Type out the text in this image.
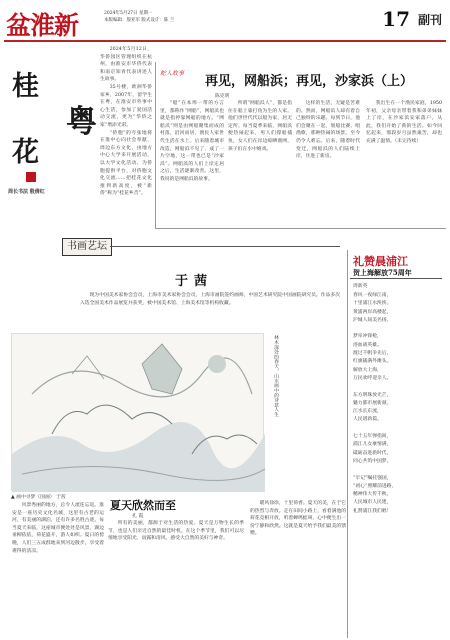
盆淮新	2024年5月27日 星期一
本版编辑：殷亚军 版式设计：陈 兰	17 副刊
桂
花
粤
周长书法 殷倩红

2024年5月12日，华侨园区管理组织在杭州，由淮安市华侨代表和南京知青代表讲述人生故事。

35号楼，欧洲华侨家乡，2007年，留学生在粤，在淮安市外事中心生活，参加了爱国活动交流，更为“华侨之家”增添光彩。

“侨胞”的夸张地将在淮中心向社会奉献、周边东方文化，由地方中心大学来开展活动，以大学文化活动、为侨胞提供平台，对侨胞文化交流……把桂花文化推到新高度，被“新侨”称为“桂花乡音”。

书画艺坛
蛇人故事
再见，网船浜；再见，沙家浜（上）
陈克明

“船”在本埠一带的方言里，都称作“网船”，网船浜也就是指停靠网船的地方。“网船浜”则是由网船聚集而成的村落，沿河而居，渔民人家世代生活在水上。后来随着城市改造，网船浜不见了，成了一片空地，这一带也已是“沙家浜”。网船浜的人们上岸定居之后，生活逐渐改善。这里，我说的是网船浜的故事。

所谓“网船浜人”，都是指住在船上靠打鱼为生的人家。他们世世代代以船为家，居无定所。每当夏季来临，网船浜便热闹起来，男人们撑船捕鱼，女人们在岸边晾晒渔网，孩子们在水中嬉戏。

这样的生活，无疑是苦难的。然而，网船浜人却有着自己独特的乐趣。每到节日，他们会聚在一起，划船比赛、唱渔歌，那种热闹的场景，至今仍令人难忘。后来，随着时代变迁，网船浜的人们陆续上岸，住进了新房。

我出生在一个渔民家庭，1950年初，父亲母亲带着我和弟弟妹妹上了岸，在沙家浜安家落户。从此，我们开始了新的生活。如今回忆起来，那段岁月虽然艰苦，却也充满了温情。（未完待续）

于茜

现为中国美术家协会会员，上海市美术家协会会员，上海市画院签约画师，中国艺术研究院中国画院研究员。作品多次入选全国美术作品展览并获奖，被中国美术馆、上海美术馆等机构收藏。

▲ 画中寻梦（国画） 于茜
林木深处的春天，山水画中的诗意人生

风景秀丽的地方，总令人流连忘返。淮安是一座历史文化名城，这里有古老的运河，有美丽的湖泊，还有许多名胜古迹。每当夏天来临，这座城市便处处是风景，湖边垂柳依依，荷花盛开，游人如织。夏日的傍晚，人们三五成群地来到河边散步，享受着难得的清凉。

夏天欣然而至
孔 霞

所有的美丽，都源于对生活的热爱。夏天是万物生长的季节，也是人们亲近自然的最佳时机。在这个季节里，我们可以尽情地享受阳光、雨露和清风，感受大自然的美好与神奇。

暖风徐徐，十里荷香。夏天的美，在于它的热烈与奔放。走在田间小路上，看着满池的荷花竞相开放，听着蝉鸣蛙叫，心中便生出一份宁静和欣然。这就是夏天给予我们最美的馈赠。

礼赞晨浦江
贺上海解放75周年
周新英
春风一夜绿江南，
十里浦江水泱泱。
黄浦两岸高楼起，
沪城人间美名扬。

梦牵冲锋枪，
浴血战英雄。
渡过千帆争先后，
红旗插满外滩头。
解放大上海，
万民欢呼迎亲人。

东方明珠放光芒，
魅力都市展新颜。
江水长东流，
人民谱新篇。

七十五年弹指间，
浦江儿女豪情满，
砥砺奋进新时代，
同心共筑中国梦。

“牢记”嘱托强国，
“初心”照耀前进路，
精神伟大传千秋，
人民城市人民建，
礼赞浦江我们唱！
